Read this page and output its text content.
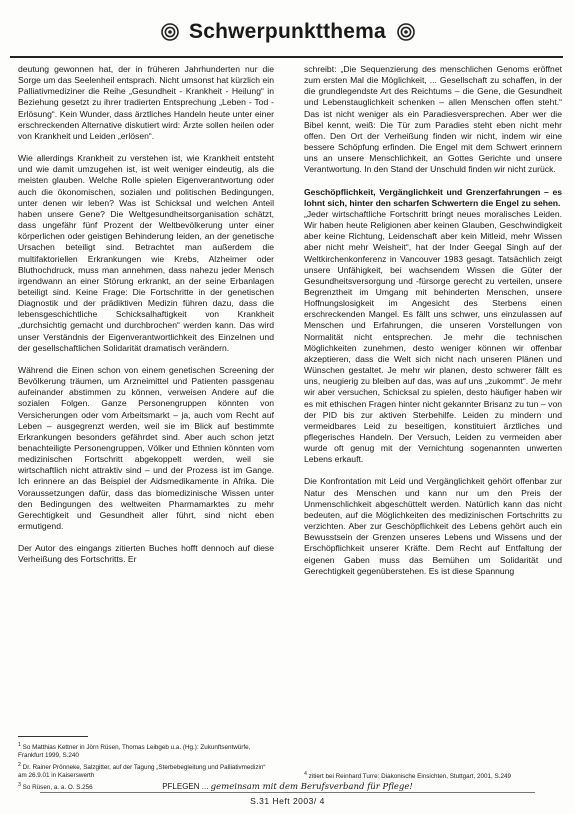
Schwerpunktthema

deutung gewonnen hat, der in früheren Jahrhunderten nur die Sorge um das Seelenheil entsprach. Nicht umsonst hat kürzlich ein Palliativmediziner die Reihe „Gesundheit - Krankheit - Heilung“ in Beziehung gesetzt zu ihrer tradierten Entsprechung „Leben - Tod - Erlösung“. Kein Wunder, dass ärztliches Handeln heute unter einer erschreckenden Alternative diskutiert wird: Ärzte sollen heilen oder von Krankheit und Leiden „erlösen“.

Wie allerdings Krankheit zu verstehen ist, wie Krankheit entsteht und wie damit umzugehen ist, ist weit weniger eindeutig, als die meisten glauben. Welche Rolle spielen Eigenverantwortung oder auch die ökonomischen, sozialen und politischen Bedingungen, unter denen wir leben? Was ist Schicksal und welchen Anteil haben unsere Gene? Die Weltgesundheitsorganisation schätzt, dass ungefähr fünf Prozent der Weltbevölkerung unter einer körperlichen oder geistigen Behinderung leiden, an der genetische Ursachen beteiligt sind. Betrachtet man außerdem die multifaktoriellen Erkrankungen wie Krebs, Alzheimer oder Bluthochdruck, muss man annehmen, dass nahezu jeder Mensch irgendwann an einer Störung erkrankt, an der seine Erbanlagen beteiligt sind. Keine Frage: Die Fortschritte in der genetischen Diagnostik und der prädiktiven Medizin führen dazu, dass die lebensgeschichtliche Schicksalhaftigkeit von Krankheit „durchsichtig gemacht und durchbrochen“ werden kann. Das wird unser Verständnis der Eigenverantwortlichkeit des Einzelnen und der gesellschaftlichen Solidarität dramatisch verändern.

Während die Einen schon von einem genetischen Screening der Bevölkerung träumen, um Arzneimittel und Patienten passgenau aufeinander abstimmen zu können, verweisen Andere auf die sozialen Folgen. Ganze Personengruppen könnten von Versicherungen oder vom Arbeitsmarkt – ja, auch vom Recht auf Leben – ausgegrenzt werden, weil sie im Blick auf bestimmte Erkrankungen besonders gefährdet sind. Aber auch schon jetzt benachteiligte Personengruppen, Völker und Ethnien könnten vom medizinischen Fortschritt abgekoppelt werden, weil sie wirtschaftlich nicht attraktiv sind – und der Prozess ist im Gange. Ich erinnere an das Beispiel der Aidsmedikamente in Afrika. Die Voraussetzungen dafür, dass das biomedizinische Wissen unter den Bedingungen des weltweiten Pharmamarktes zu mehr Gerechtigkeit und Gesundheit aller führt, sind nicht eben ermutigend.

Der Autor des eingangs zitierten Buches hofft dennoch auf diese Verheißung des Fortschritts. Er

$^1$ So Matthias Kettner in Jörn Rüsen, Thomas Leibgeb u.a. (Hg.): Zukunftsentwürfe, Frankfurt 1999, S.240

$^2$ Dr. Rainer Prönneke, Salzgitter, auf der Tagung „Sterbebegleitung und Palliativmedizin“ am 26.9.01 in Kaiserswerth

$^3$ So Rüsen, a. a. O. S.256

schreibt: „Die Sequenzierung des menschlichen Genoms eröffnet zum ersten Mal die Möglichkeit, ... Gesellschaft zu schaffen, in der die grundlegendste Art des Reichtums – die Gene, die Gesundheit und Lebenstauglichkeit schenken – allen Menschen offen steht.“ Das ist nicht weniger als ein Paradiesversprechen. Aber wer die Bibel kennt, weiß: Die Tür zum Paradies steht eben nicht mehr offen. Den Ort der Verheißung finden wir nicht, indem wir eine bessere Schöpfung erfinden. Die Engel mit dem Schwert erinnern uns an unsere Menschlichkeit, an Gottes Gerichte und unsere Verantwortung. In den Stand der Unschuld finden wir nicht zurück.

Geschöpflichkeit, Vergänglichkeit und Grenzerfahrungen – es lohnt sich, hinter den scharfen Schwertern die Engel zu sehen.

„Jeder wirtschaftliche Fortschritt bringt neues moralisches Leiden. Wir haben heute Religionen aber keinen Glauben, Geschwindigkeit aber keine Richtung, Leidenschaft aber kein Mitleid, mehr Wissen aber nicht mehr Weisheit“, hat der Inder Geegal Singh auf der Weltkirchenkonferenz in Vancouver 1983 gesagt. Tatsächlich zeigt unsere Unfähigkeit, bei wachsendem Wissen die Güter der Gesundheitsversorgung und -fürsorge gerecht zu verteilen, unsere Begrenztheit im Umgang mit behinderten Menschen, unsere Hoffnungslosigkeit im Angesicht des Sterbens einen erschreckenden Mangel. Es fällt uns schwer, uns einzulassen auf Menschen und Erfahrungen, die unseren Vorstellungen von Normalität nicht entsprechen. Je mehr die technischen Möglichkeiten zunehmen, desto weniger können wir offenbar akzeptieren, dass die Welt sich nicht nach unseren Plänen und Wünschen gestaltet. Je mehr wir planen, desto schwerer fällt es uns, neugierig zu bleiben auf das, was auf uns „zukommt“. Je mehr wir aber versuchen, Schicksal zu spielen, desto häufiger haben wir es mit ethischen Fragen hinter nicht gekannter Brisanz zu tun – von der PID bis zur aktiven Sterbehilfe. Leiden zu mindern und vermeidbares Leid zu beseitigen, konstituiert ärztliches und pflegerisches Handeln. Der Versuch, Leiden zu vermeiden aber wurde oft genug mit der Vernichtung sogenannten unwerten Lebens erkauft.

Die Konfrontation mit Leid und Vergänglichkeit gehört offenbar zur Natur des Menschen und kann nur um den Preis der Unmenschlichkeit abgeschüttelt werden. Natürlich kann das nicht bedeuten, auf die Möglichkeiten des medizinischen Fortschritts zu verzichten. Aber zur Geschöpflichkeit des Lebens gehört auch ein Bewusstsein der Grenzen unseres Lebens und Wissens und der Erschöpflichkeit unserer Kräfte. Dem Recht auf Entfaltung der eigenen Gaben muss das Bemühen um Solidarität und Gerechtigkeit gegenüberstehen. Es ist diese Spannung

$^4$ zitiert bei Reinhard Turre: Diakonische Einsichten, Stuttgart, 2001, S.249

PFLEGEN ... gemeinsam mit dem Berufsverband für Pflege!
S.31 Heft 2003/ 4
